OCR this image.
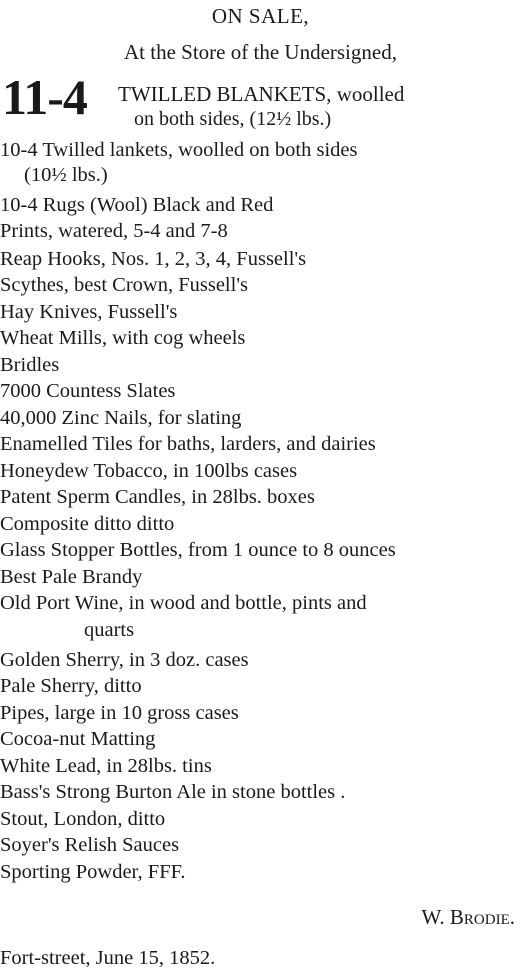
ON SALE,
At the Store of the Undersigned,
11-4 TWILLED BLANKETS, woolled
on both sides, (12½ lbs.)
10-4 Twilled lankets, woolled on both sides
(10½ lbs.)
10-4 Rugs (Wool) Black and Red
Prints, watered, 5-4 and 7-8
Reap Hooks, Nos. 1, 2, 3, 4, Fussell's
Scythes, best Crown, Fussell's
Hay Knives, Fussell's
Wheat Mills, with cog wheels
Bridles
7000 Countess Slates
40,000 Zinc Nails, for slating
Enamelled Tiles for baths, larders, and dairies
Honeydew Tobacco, in 100lbs cases
Patent Sperm Candles, in 28lbs. boxes
Composite ditto ditto
Glass Stopper Bottles, from 1 ounce to 8 ounces
Best Pale Brandy
Old Port Wine, in wood and bottle, pints and
quarts
Golden Sherry, in 3 doz. cases
Pale Sherry, ditto
Pipes, large in 10 gross cases
Cocoa-nut Matting
White Lead, in 28lbs. tins
Bass's Strong Burton Ale in stone bottles .
Stout, London, ditto
Soyer's Relish Sauces
Sporting Powder, FFF.
W. Brodie.
Fort-street, June 15, 1852.
